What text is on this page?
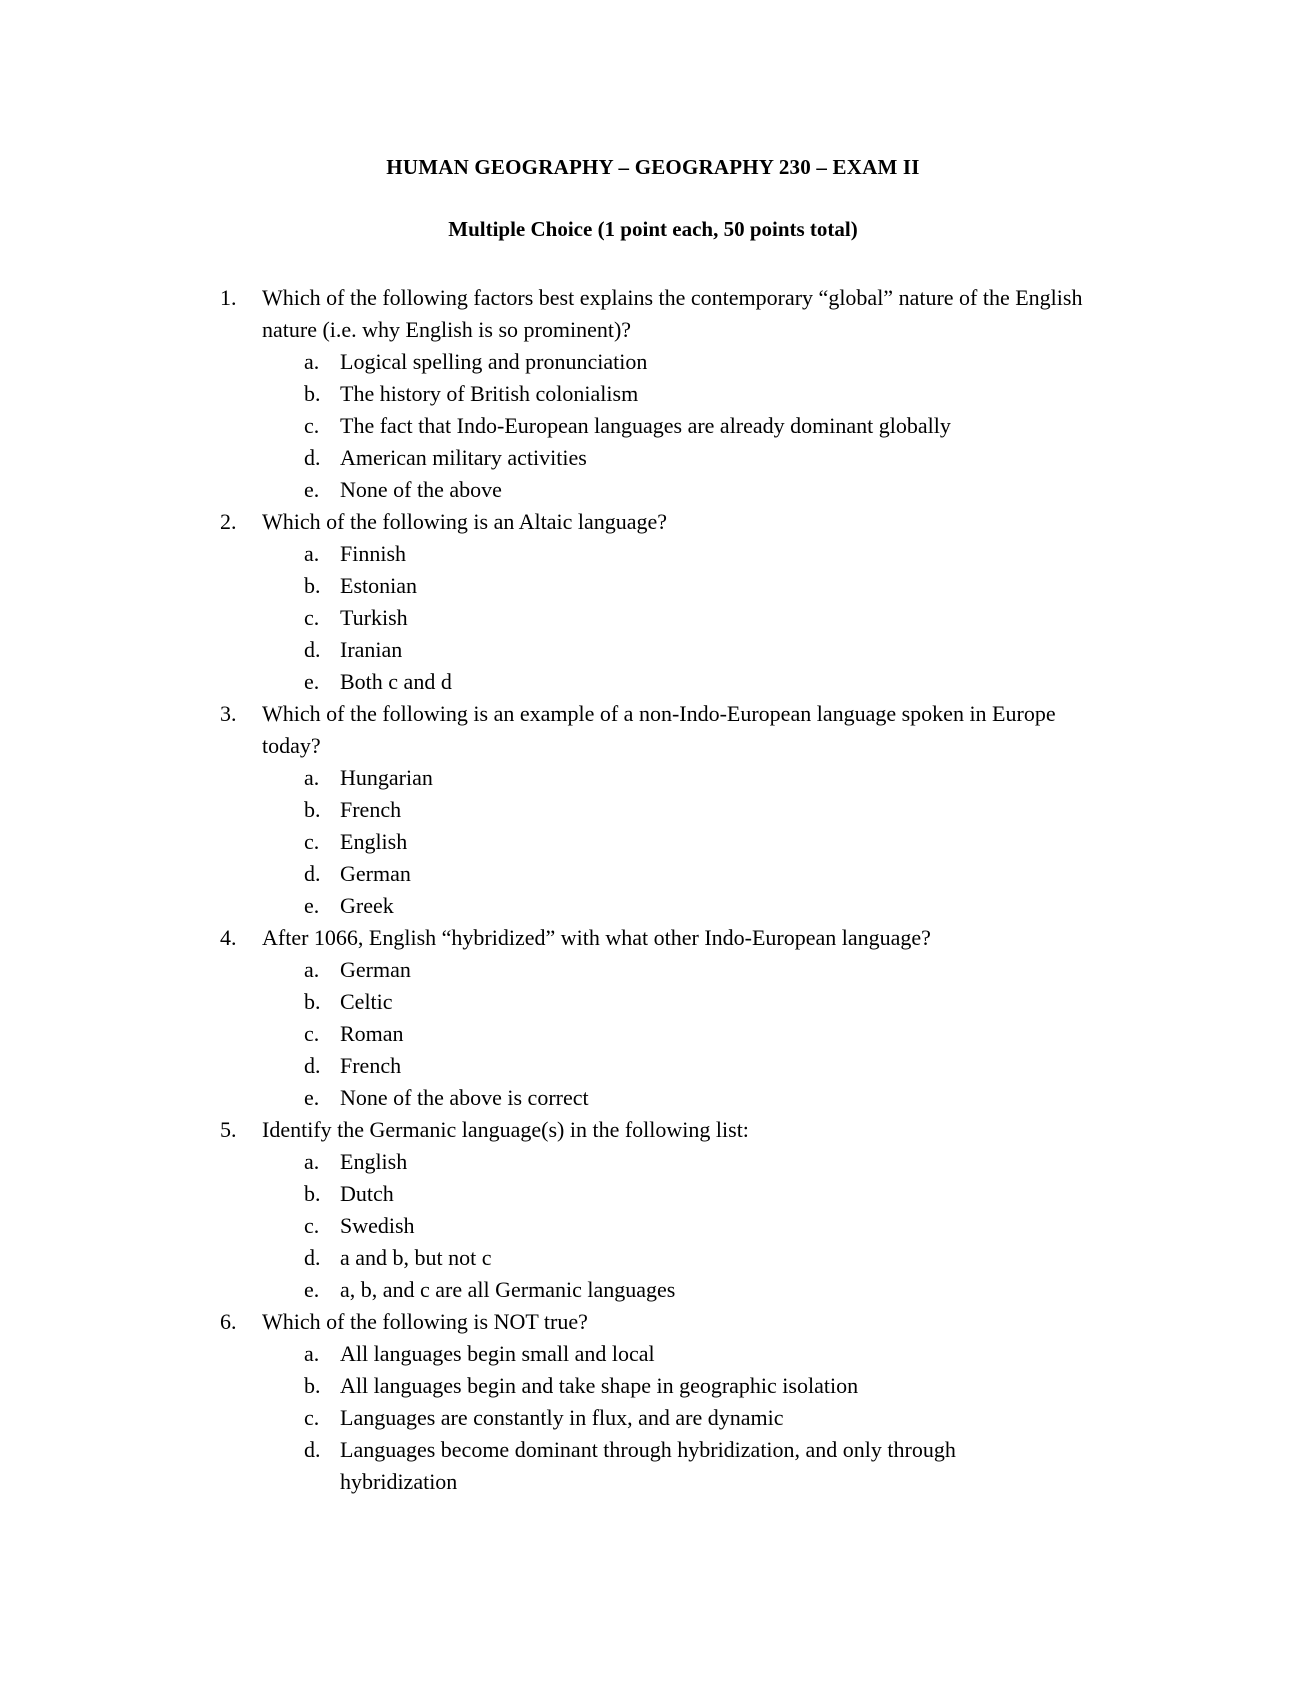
HUMAN GEOGRAPHY – GEOGRAPHY 230 – EXAM II
Multiple Choice (1 point each, 50 points total)
1. Which of the following factors best explains the contemporary “global” nature of the English nature (i.e. why English is so prominent)?
a. Logical spelling and pronunciation
b. The history of British colonialism
c. The fact that Indo-European languages are already dominant globally
d. American military activities
e. None of the above
2. Which of the following is an Altaic language?
a. Finnish
b. Estonian
c. Turkish
d. Iranian
e. Both c and d
3. Which of the following is an example of a non-Indo-European language spoken in Europe today?
a. Hungarian
b. French
c. English
d. German
e. Greek
4. After 1066, English “hybridized” with what other Indo-European language?
a. German
b. Celtic
c. Roman
d. French
e. None of the above is correct
5. Identify the Germanic language(s) in the following list:
a. English
b. Dutch
c. Swedish
d. a and b, but not c
e. a, b, and c are all Germanic languages
6. Which of the following is NOT true?
a. All languages begin small and local
b. All languages begin and take shape in geographic isolation
c. Languages are constantly in flux, and are dynamic
d. Languages become dominant through hybridization, and only through hybridization
